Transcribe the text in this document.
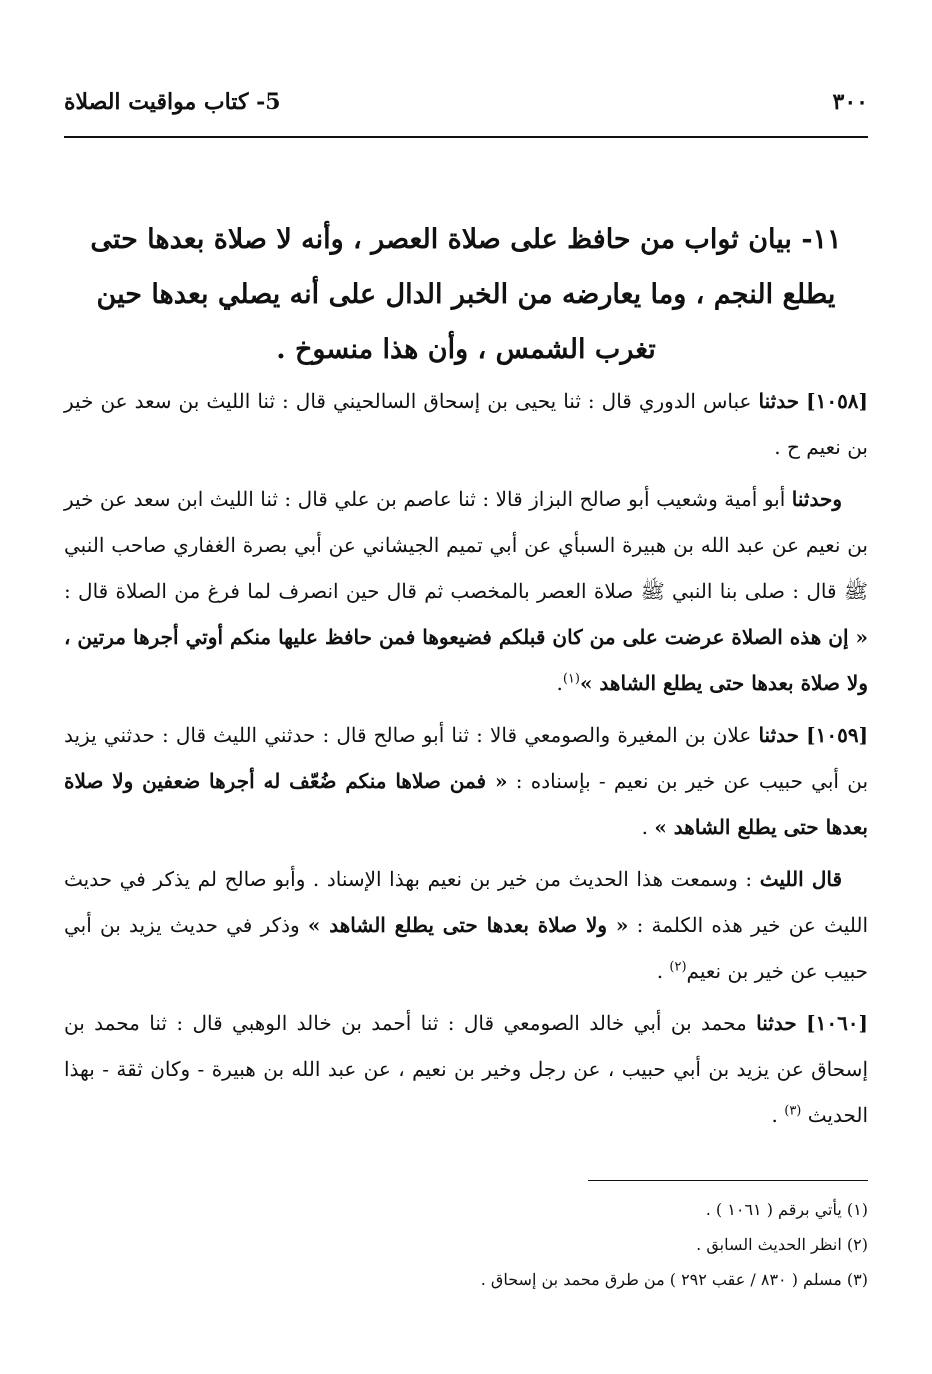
٣٠٠
5- كتاب مواقيت الصلاة
١١- بيان ثواب من حافظ على صلاة العصر ، وأنه لا صلاة بعدها حتى يطلع النجم ، وما يعارضه من الخبر الدال على أنه يصلي بعدها حين تغرب الشمس ، وأن هذا منسوخ .

[١٠٥٨] حدثنا عباس الدوري قال : ثنا يحيى بن إسحاق السالحيني قال : ثنا الليث بن سعد عن خير بن نعيم ح .

وحدثنا أبو أمية وشعيب أبو صالح البزاز قالا : ثنا عاصم بن علي قال : ثنا الليث ابن سعد عن خير بن نعيم عن عبد الله بن هبيرة السبأي عن أبي تميم الجيشاني عن أبي بصرة الغفاري صاحب النبي ﷺ قال : صلى بنا النبي ﷺ صلاة العصر بالمخصب ثم قال حين انصرف لما فرغ من الصلاة قال : « إن هذه الصلاة عرضت على من كان قبلكم فضيعوها فمن حافظ عليها منكم أوتي أجرها مرتين ، ولا صلاة بعدها حتى يطلع الشاهد »$^{(١)}$.

[١٠٥٩] حدثنا علان بن المغيرة والصومعي قالا : ثنا أبو صالح قال : حدثني الليث قال : حدثني يزيد بن أبي حبيب عن خير بن نعيم - بإسناده : « فمن صلاها منكم ضُعّف له أجرها ضعفين ولا صلاة بعدها حتى يطلع الشاهد » .

قال الليث : وسمعت هذا الحديث من خير بن نعيم بهذا الإسناد . وأبو صالح لم يذكر في حديث الليث عن خير هذه الكلمة : « ولا صلاة بعدها حتى يطلع الشاهد » وذكر في حديث يزيد بن أبي حبيب عن خير بن نعيم$^{(٢)}$ .

[١٠٦٠] حدثنا محمد بن أبي خالد الصومعي قال : ثنا أحمد بن خالد الوهبي قال : ثنا محمد بن إسحاق عن يزيد بن أبي حبيب ، عن رجل وخير بن نعيم ، عن عبد الله بن هبيرة - وكان ثقة - بهذا الحديث $^{(٣)}$ .

(١) يأتي برقم ( ١٠٦١ ) .
(٢) انظر الحديث السابق .
(٣) مسلم ( ٨٣٠ / عقب ٢٩٢ ) من طرق محمد بن إسحاق .
